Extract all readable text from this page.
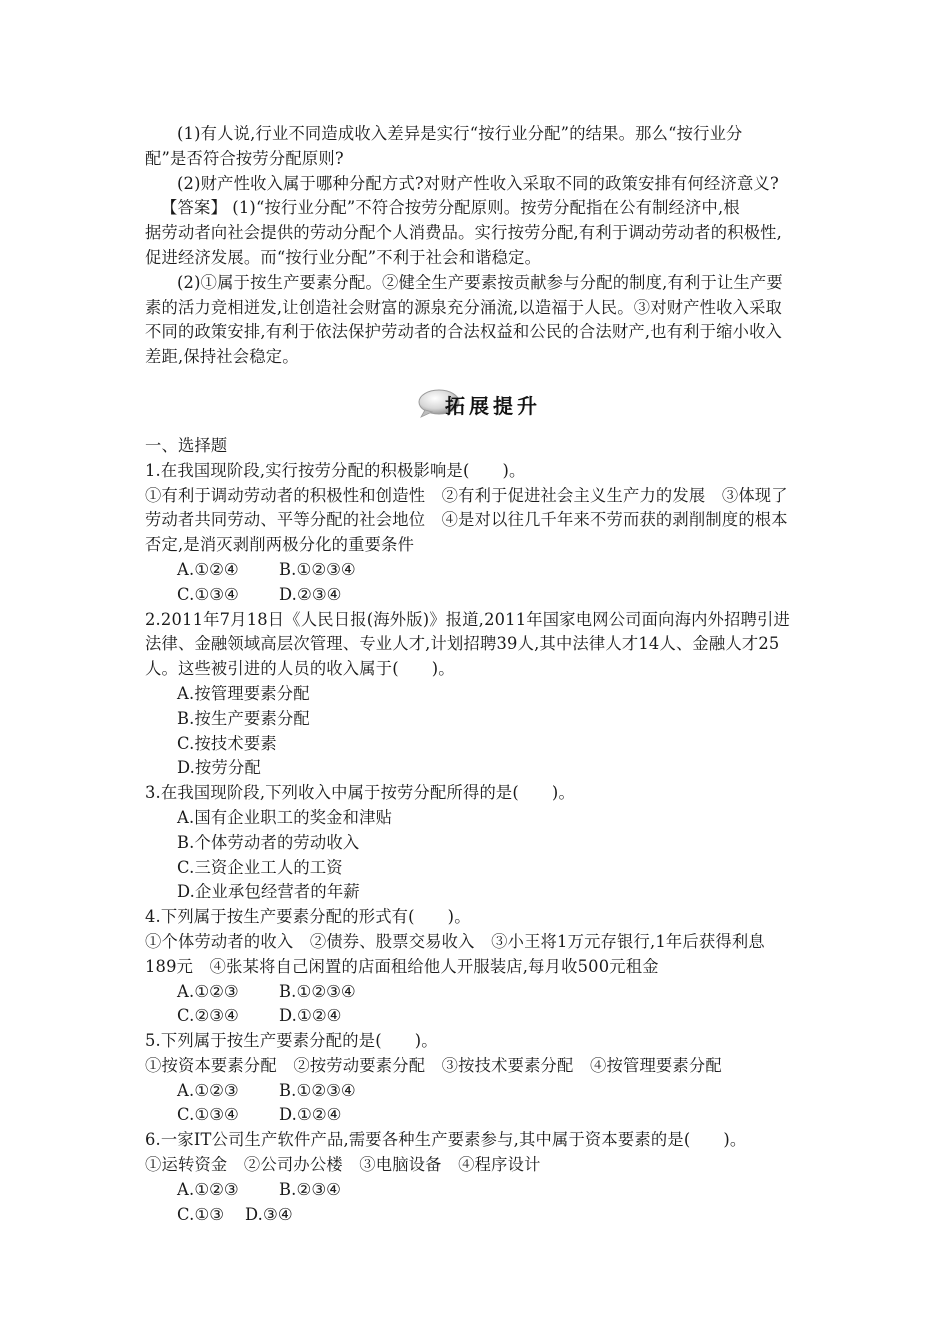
(1)有人说,行业不同造成收入差异是实行“按行业分配”的结果。那么“按行业分
配”是否符合按劳分配原则?
(2)财产性收入属于哪种分配方式?对财产性收入采取不同的政策安排有何经济意义?
【答案】 (1)“按行业分配”不符合按劳分配原则。按劳分配指在公有制经济中,根
据劳动者向社会提供的劳动分配个人消费品。实行按劳分配,有利于调动劳动者的积极性,
促进经济发展。而“按行业分配”不利于社会和谐稳定。
(2)①属于按生产要素分配。②健全生产要素按贡献参与分配的制度,有利于让生产要
素的活力竞相迸发,让创造社会财富的源泉充分涌流,以造福于人民。③对财产性收入采取
不同的政策安排,有利于依法保护劳动者的合法权益和公民的合法财产,也有利于缩小收入
差距,保持社会稳定。
拓展提升
一、选择题
1.在我国现阶段,实行按劳分配的积极影响是(　　)。
①有利于调动劳动者的积极性和创造性　②有利于促进社会主义生产力的发展　③体现了
劳动者共同劳动、平等分配的社会地位　④是对以往几千年来不劳而获的剥削制度的根本
否定,是消灭剥削两极分化的重要条件
A.①②④ B.①②③④
C.①③④ D.②③④
2.2011年7月18日《人民日报(海外版)》报道,2011年国家电网公司面向海内外招聘引进
法律、金融领域高层次管理、专业人才,计划招聘39人,其中法律人才14人、金融人才25
人。这些被引进的人员的收入属于(　　)。
A.按管理要素分配
B.按生产要素分配
C.按技术要素
D.按劳分配
3.在我国现阶段,下列收入中属于按劳分配所得的是(　　)。
A.国有企业职工的奖金和津贴
B.个体劳动者的劳动收入
C.三资企业工人的工资
D.企业承包经营者的年薪
4.下列属于按生产要素分配的形式有(　　)。
①个体劳动者的收入　②债券、股票交易收入　③小王将1万元存银行,1年后获得利息
189元　④张某将自己闲置的店面租给他人开服装店,每月收500元租金
A.①②③ B.①②③④
C.②③④ D.①②④
5.下列属于按生产要素分配的是(　　)。
①按资本要素分配　②按劳动要素分配　③按技术要素分配　④按管理要素分配
A.①②③ B.①②③④
C.①③④ D.①②④
6.一家IT公司生产软件产品,需要各种生产要素参与,其中属于资本要素的是(　　)。
①运转资金　②公司办公楼　③电脑设备　④程序设计
A.①②③ B.②③④
C.①③ D.③④
